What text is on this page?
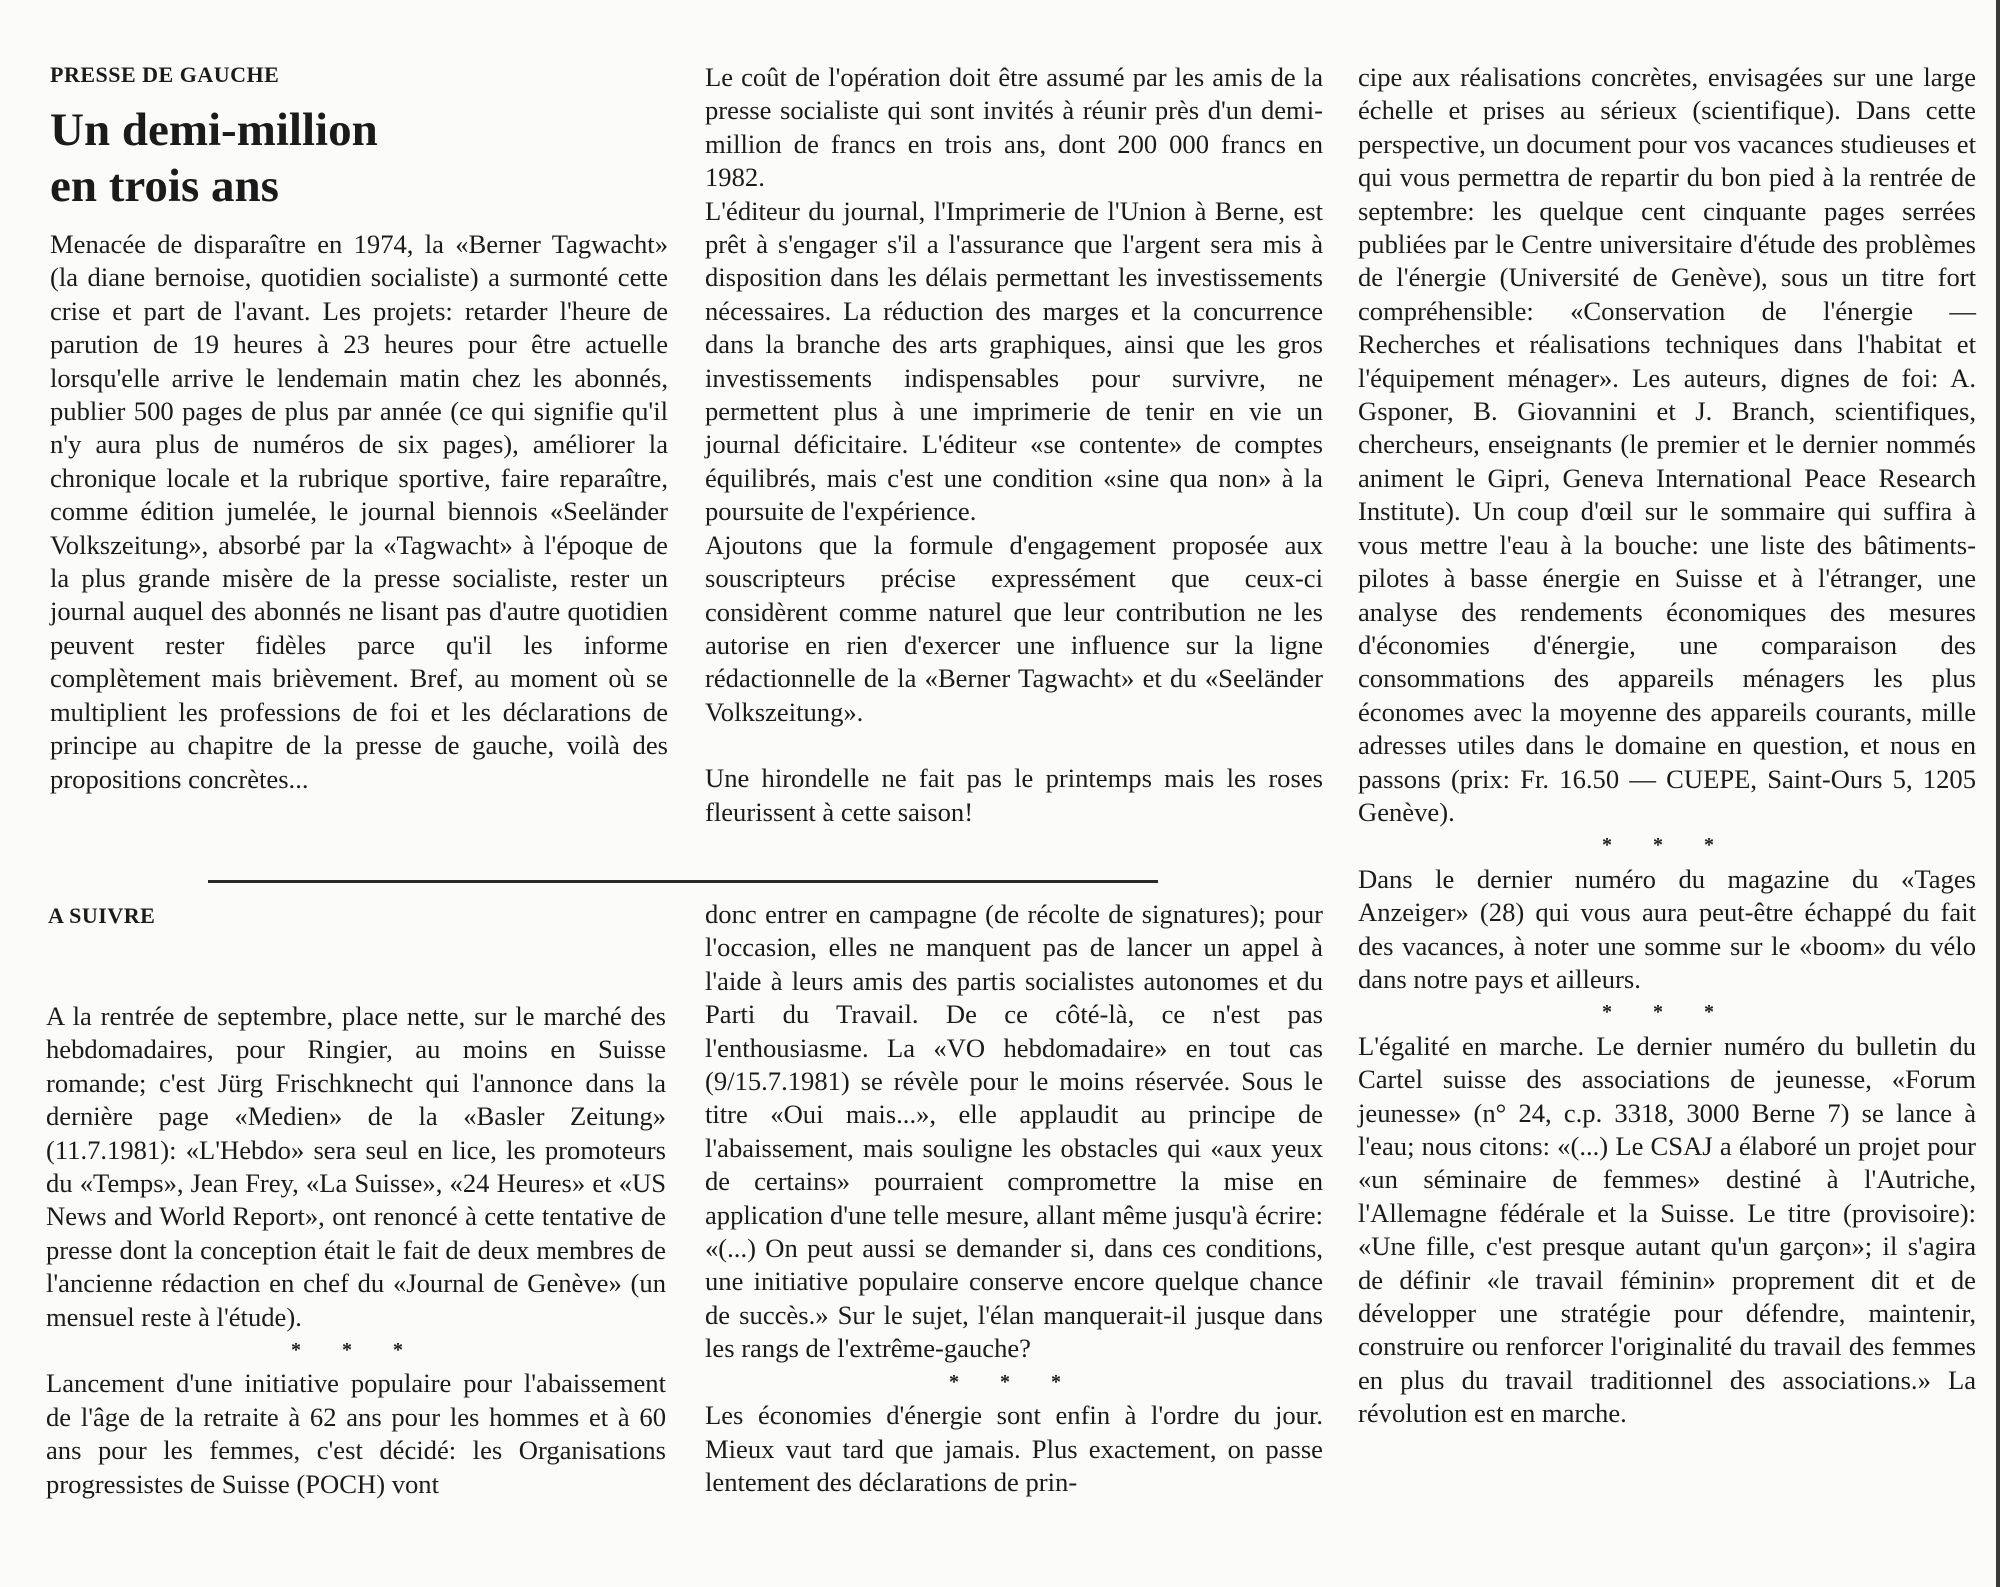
PRESSE DE GAUCHE
Un demi-million
en trois ans

Menacée de disparaître en 1974, la «Berner Tagwacht» (la diane bernoise, quotidien socialiste) a surmonté cette crise et part de l'avant. Les projets: retarder l'heure de parution de 19 heures à 23 heures pour être actuelle lorsqu'elle arrive le lendemain matin chez les abonnés, publier 500 pages de plus par année (ce qui signifie qu'il n'y aura plus de numéros de six pages), améliorer la chronique locale et la rubrique sportive, faire reparaître, comme édition jumelée, le journal biennois «Seeländer Volkszeitung», absorbé par la «Tagwacht» à l'époque de la plus grande misère de la presse socialiste, rester un journal auquel des abonnés ne lisant pas d'autre quotidien peuvent rester fidèles parce qu'il les informe complètement mais brièvement. Bref, au moment où se multiplient les professions de foi et les déclarations de principe au chapitre de la presse de gauche, voilà des propositions concrètes...

Le coût de l'opération doit être assumé par les amis de la presse socialiste qui sont invités à réunir près d'un demi-million de francs en trois ans, dont 200 000 francs en 1982.

L'éditeur du journal, l'Imprimerie de l'Union à Berne, est prêt à s'engager s'il a l'assurance que l'argent sera mis à disposition dans les délais permettant les investissements nécessaires. La réduction des marges et la concurrence dans la branche des arts graphiques, ainsi que les gros investissements indispensables pour survivre, ne permettent plus à une imprimerie de tenir en vie un journal déficitaire. L'éditeur «se contente» de comptes équilibrés, mais c'est une condition «sine qua non» à la poursuite de l'expérience.

Ajoutons que la formule d'engagement proposée aux souscripteurs précise expressément que ceux-ci considèrent comme naturel que leur contribution ne les autorise en rien d'exercer une influence sur la ligne rédactionnelle de la «Berner Tagwacht» et du «Seeländer Volkszeitung».

Une hirondelle ne fait pas le printemps mais les roses fleurissent à cette saison!

cipe aux réalisations concrètes, envisagées sur une large échelle et prises au sérieux (scientifique). Dans cette perspective, un document pour vos vacances studieuses et qui vous permettra de repartir du bon pied à la rentrée de septembre: les quelque cent cinquante pages serrées publiées par le Centre universitaire d'étude des problèmes de l'énergie (Université de Genève), sous un titre fort compréhensible: «Conservation de l'énergie — Recherches et réalisations techniques dans l'habitat et l'équipement ménager». Les auteurs, dignes de foi: A. Gsponer, B. Giovannini et J. Branch, scientifiques, chercheurs, enseignants (le premier et le dernier nommés animent le Gipri, Geneva International Peace Research Institute). Un coup d'œil sur le sommaire qui suffira à vous mettre l'eau à la bouche: une liste des bâtiments-pilotes à basse énergie en Suisse et à l'étranger, une analyse des rendements économiques des mesures d'économies d'énergie, une comparaison des consommations des appareils ménagers les plus économes avec la moyenne des appareils courants, mille adresses utiles dans le domaine en question, et nous en passons (prix: Fr. 16.50 — CUEPE, Saint-Ours 5, 1205 Genève).

* * *

Dans le dernier numéro du magazine du «Tages Anzeiger» (28) qui vous aura peut-être échappé du fait des vacances, à noter une somme sur le «boom» du vélo dans notre pays et ailleurs.

* * *

L'égalité en marche. Le dernier numéro du bulletin du Cartel suisse des associations de jeunesse, «Forum jeunesse» (n° 24, c.p. 3318, 3000 Berne 7) se lance à l'eau; nous citons: «(...) Le CSAJ a élaboré un projet pour «un séminaire de femmes» destiné à l'Autriche, l'Allemagne fédérale et la Suisse. Le titre (provisoire): «Une fille, c'est presque autant qu'un garçon»; il s'agira de définir «le travail féminin» proprement dit et de développer une stratégie pour défendre, maintenir, construire ou renforcer l'originalité du travail des femmes en plus du travail traditionnel des associations.» La révolution est en marche.

A SUIVRE

A la rentrée de septembre, place nette, sur le marché des hebdomadaires, pour Ringier, au moins en Suisse romande; c'est Jürg Frischknecht qui l'annonce dans la dernière page «Medien» de la «Basler Zeitung» (11.7.1981): «L'Hebdo» sera seul en lice, les promoteurs du «Temps», Jean Frey, «La Suisse», «24 Heures» et «US News and World Report», ont renoncé à cette tentative de presse dont la conception était le fait de deux membres de l'ancienne rédaction en chef du «Journal de Genève» (un mensuel reste à l'étude).

* * *

Lancement d'une initiative populaire pour l'abaissement de l'âge de la retraite à 62 ans pour les hommes et à 60 ans pour les femmes, c'est décidé: les Organisations progressistes de Suisse (POCH) vont

donc entrer en campagne (de récolte de signatures); pour l'occasion, elles ne manquent pas de lancer un appel à l'aide à leurs amis des partis socialistes autonomes et du Parti du Travail. De ce côté-là, ce n'est pas l'enthousiasme. La «VO hebdomadaire» en tout cas (9/15.7.1981) se révèle pour le moins réservée. Sous le titre «Oui mais...», elle applaudit au principe de l'abaissement, mais souligne les obstacles qui «aux yeux de certains» pourraient compromettre la mise en application d'une telle mesure, allant même jusqu'à écrire: «(...) On peut aussi se demander si, dans ces conditions, une initiative populaire conserve encore quelque chance de succès.» Sur le sujet, l'élan manquerait-il jusque dans les rangs de l'extrême-gauche?

* * *

Les économies d'énergie sont enfin à l'ordre du jour. Mieux vaut tard que jamais. Plus exactement, on passe lentement des déclarations de prin-
